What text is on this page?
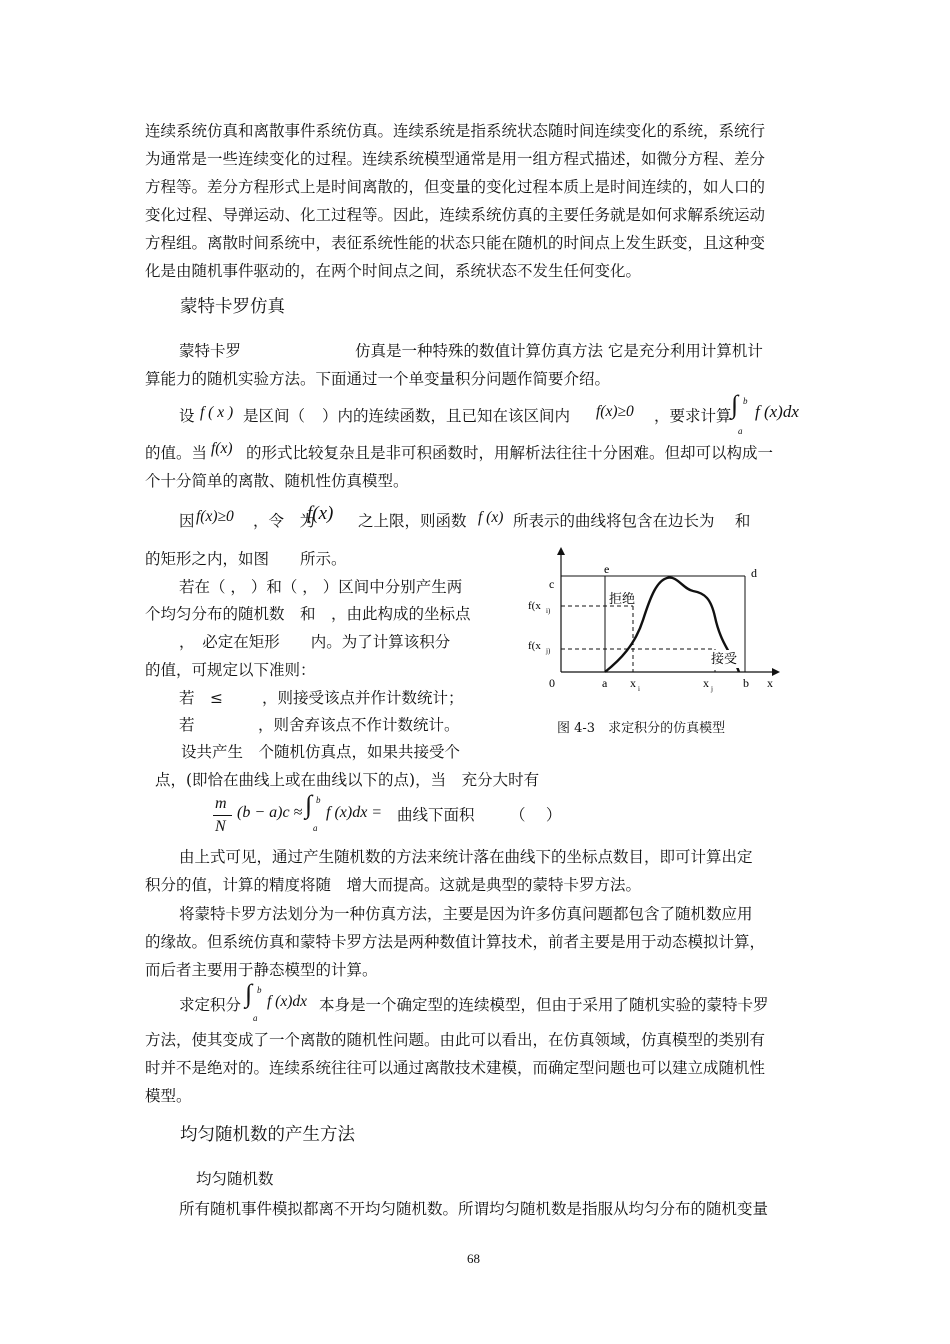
连续系统仿真和离散事件系统仿真。连续系统是指系统状态随时间连续变化的系统，系统行
为通常是一些连续变化的过程。连续系统模型通常是用一组方程式描述，如微分方程、差分
方程等。差分方程形式上是时间离散的，但变量的变化过程本质上是时间连续的，如人口的
变化过程、导弹运动、化工过程等。因此，连续系统仿真的主要任务就是如何求解系统运动
方程组。离散时间系统中，表征系统性能的状态只能在随机的时间点上发生跃变，且这种变
化是由随机事件驱动的，在两个时间点之间，系统状态不发生任何变化。
蒙特卡罗仿真
蒙特卡罗	仿真是一种特殊的数值计算仿真方法 它是充分利用计算机计
算能力的随机实验方法。下面通过一个单变量积分问题作简要介绍。
设 f ( x ) 是区间（ ）内的连续函数，且已知在该区间内 f(x)≥0 ，要求计算 ∫ b
a
f (x)dx
的值。当 f(x) 的形式比较复杂且是非可积函数时，用解析法往往十分困难。但却可以构成一
个十分简单的离散、随机性仿真模型。
因 f(x)≥0 ，令　为
f(x) 之上限，则函数 f (x) 所表示的曲线将包含在边长为　 和
的矩形之内，如图　　所示。
若在（ ， ）和（ ， ）区间中分别产生两
个均匀分布的随机数　和　，由此构成的坐标点
，　必定在矩形　　内。为了计算该积分
的值，可规定以下准则：
若　≤	，则接受该点并作计数统计；
若	，则舍弃该点不作计数统计。
设共产生　个随机仿真点，如果共接受个
点，(即恰在曲线上或在曲线以下的点)，当　充分大时有
e	d
c
拒绝
f(x i)
f(x j)	接受
0	a x i	x j	b x
图 4-3　求定积分的仿真模型
m
N
(b − a)c ≈ ∫ b
a
f (x)dx = 曲线下面积 （　 ）
由上式可见，通过产生随机数的方法来统计落在曲线下的坐标点数目，即可计算出定
积分的值，计算的精度将随　增大而提高。这就是典型的蒙特卡罗方法。
将蒙特卡罗方法划分为一种仿真方法，主要是因为许多仿真问题都包含了随机数应用
的缘故。但系统仿真和蒙特卡罗方法是两种数值计算技术，前者主要是用于动态模拟计算，
而后者主要用于静态模型的计算。
求定积分 ∫ b
a
f (x)dx 本身是一个确定型的连续模型，但由于采用了随机实验的蒙特卡罗
方法，使其变成了一个离散的随机性问题。由此可以看出，在仿真领域，仿真模型的类别有
时并不是绝对的。连续系统往往可以通过离散技术建模，而确定型问题也可以建立成随机性
模型。
均匀随机数的产生方法
均匀随机数
所有随机事件模拟都离不开均匀随机数。所谓均匀随机数是指服从均匀分布的随机变量
68
